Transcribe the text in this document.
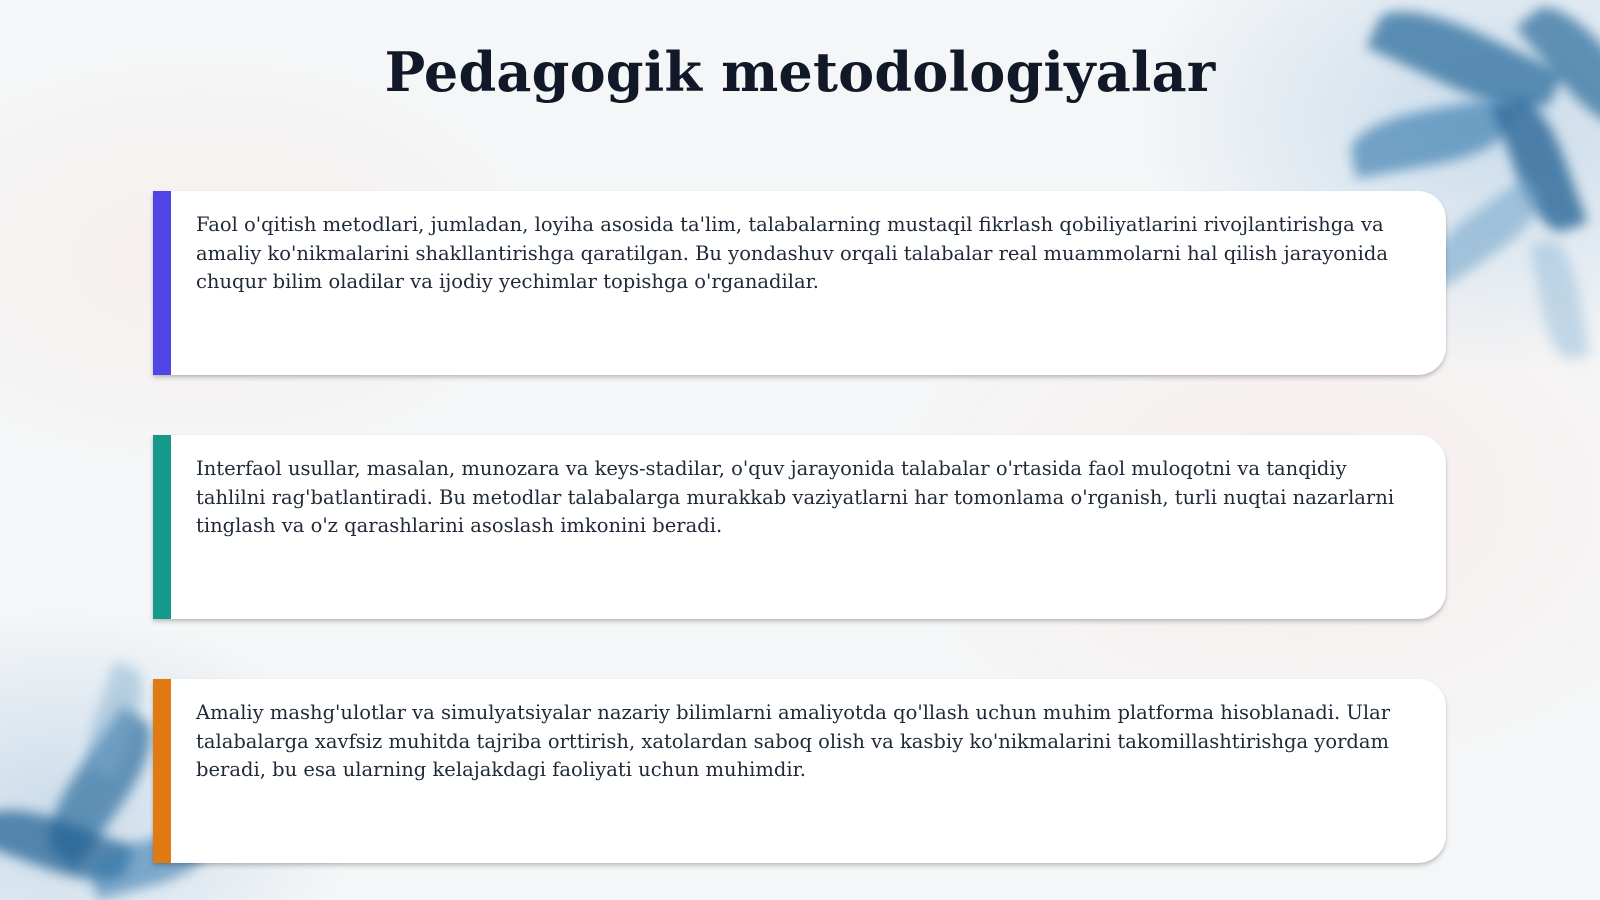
Pedagogik metodologiyalar

Faol o'qitish metodlari, jumladan, loyiha asosida ta'lim, talabalarning mustaqil fikrlash qobiliyatlarini rivojlantirishga va amaliy ko'nikmalarini shakllantirishga qaratilgan. Bu yondashuv orqali talabalar real muammolarni hal qilish jarayonida chuqur bilim oladilar va ijodiy yechimlar topishga o'rganadilar.

Interfaol usullar, masalan, munozara va keys-stadilar, o'quv jarayonida talabalar o'rtasida faol muloqotni va tanqidiy tahlilni rag'batlantiradi. Bu metodlar talabalarga murakkab vaziyatlarni har tomonlama o'rganish, turli nuqtai nazarlarni tinglash va o'z qarashlarini asoslash imkonini beradi.

Amaliy mashg'ulotlar va simulyatsiyalar nazariy bilimlarni amaliyotda qo'llash uchun muhim platforma hisoblanadi. Ular talabalarga xavfsiz muhitda tajriba orttirish, xatolardan saboq olish va kasbiy ko'nikmalarini takomillashtirishga yordam beradi, bu esa ularning kelajakdagi faoliyati uchun muhimdir.
